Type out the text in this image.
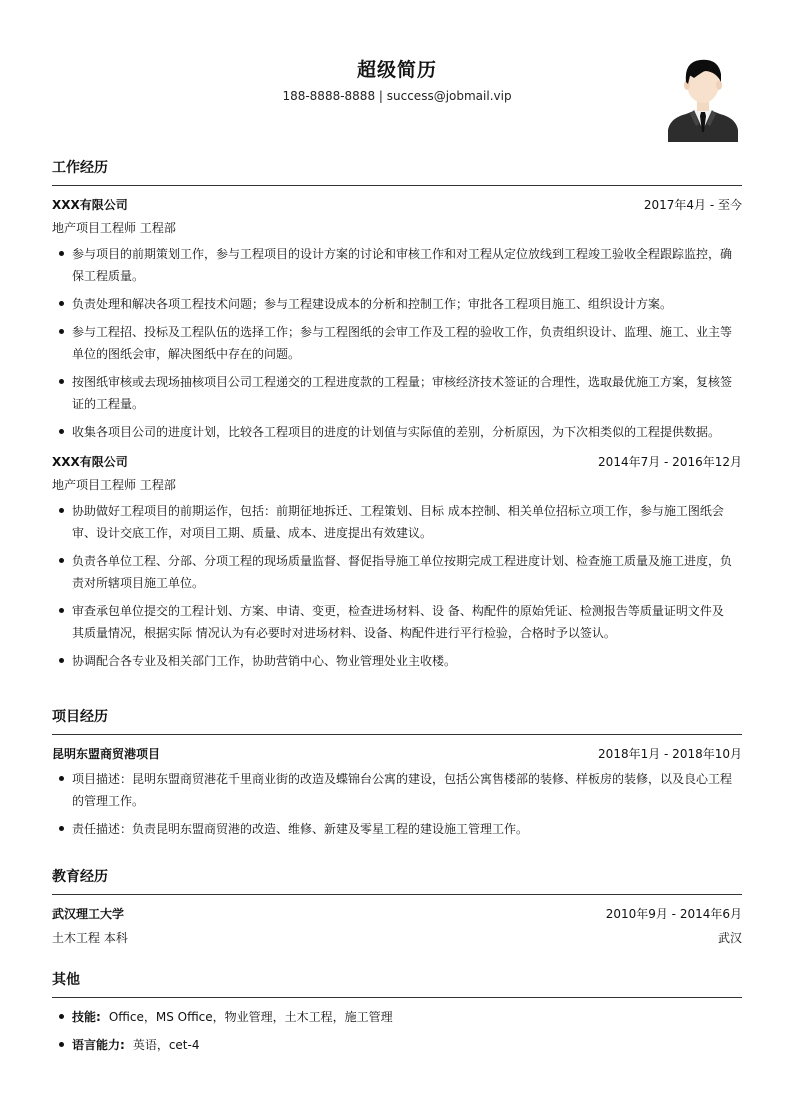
超级简历
188-8888-8888 | success@jobmail.vip
工作经历
XXX有限公司	2017年4月 - 至今
地产项目工程师 工程部
参与项目的前期策划工作，参与工程项目的设计方案的讨论和审核工作和对工程从定位放线到工程竣工验收全程跟踪监控，确保工程质量。
负责处理和解决各项工程技术问题；参与工程建设成本的分析和控制工作；审批各工程项目施工、组织设计方案。
参与工程招、投标及工程队伍的选择工作；参与工程图纸的会审工作及工程的验收工作，负责组织设计、监理、施工、业主等单位的图纸会审，解决图纸中存在的问题。
按图纸审核或去现场抽核项目公司工程递交的工程进度款的工程量；审核经济技术签证的合理性，选取最优施工方案，复核签证的工程量。
收集各项目公司的进度计划，比较各工程项目的进度的计划值与实际值的差别，分析原因，为下次相类似的工程提供数据。
XXX有限公司	2014年7月 - 2016年12月
地产项目工程师 工程部
协助做好工程项目的前期运作，包括：前期征地拆迁、工程策划、目标 成本控制、相关单位招标立项工作，参与施工图纸会审、设计交底工作，对项目工期、质量、成本、进度提出有效建议。
负责各单位工程、分部、分项工程的现场质量监督、督促指导施工单位按期完成工程进度计划、检查施工质量及施工进度，负责对所辖项目施工单位。
审查承包单位提交的工程计划、方案、申请、变更，检查进场材料、设 备、构配件的原始凭证、检测报告等质量证明文件及其质量情况，根据实际 情况认为有必要时对进场材料、设备、构配件进行平行检验，合格时予以签认。
协调配合各专业及相关部门工作，协助营销中心、物业管理处业主收楼。
项目经历
昆明东盟商贸港项目	2018年1月 - 2018年10月
项目描述：昆明东盟商贸港花千里商业街的改造及蝶锦台公寓的建设，包括公寓售楼部的装修、样板房的装修，以及良心工程的管理工作。
责任描述：负责昆明东盟商贸港的改造、维修、新建及零星工程的建设施工管理工作。
教育经历
武汉理工大学	2010年9月 - 2014年6月
土木工程 本科	武汉
其他
技能: Office，MS Office，物业管理，土木工程，施工管理
语言能力: 英语，cet-4
